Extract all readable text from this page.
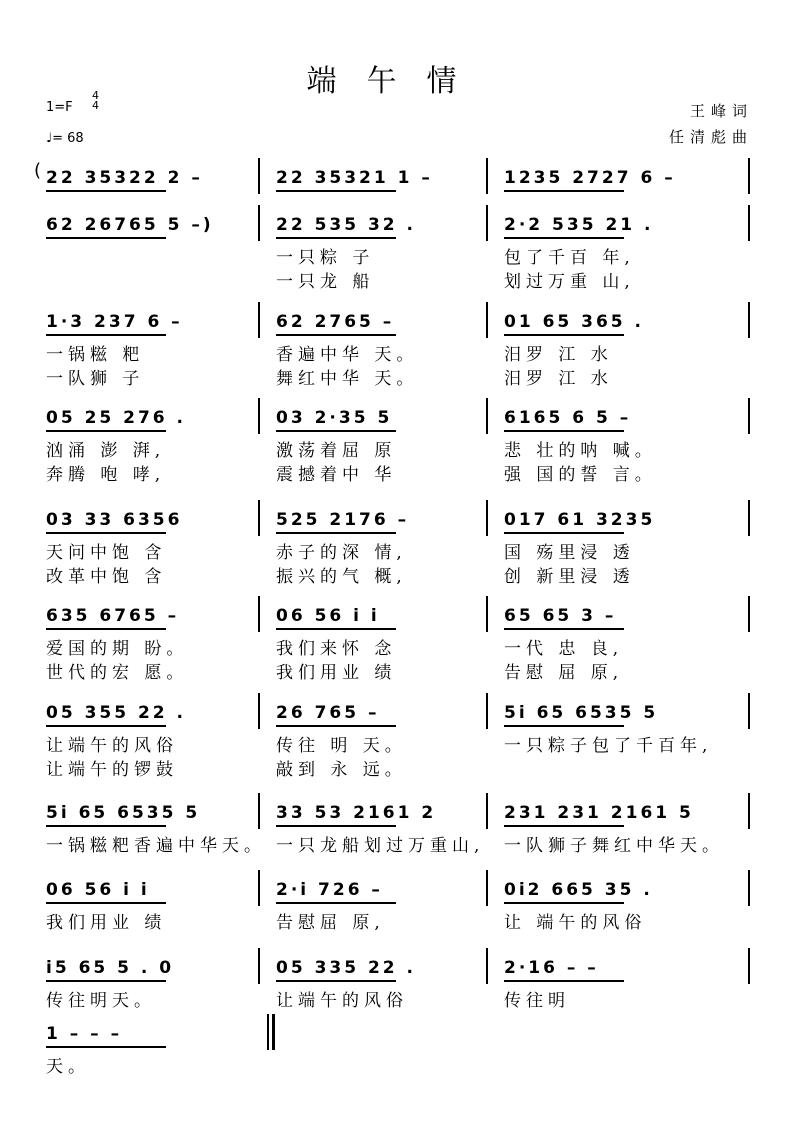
端午情
1=F
4
4
♩= 68
王峰词
任清彪曲
( 22 35322 2 –	22 35321 1 –	1235 2727 6 –
62 26765 5 –)	22 535 32 .
一只粽 子
一只龙 船
2·2 535 21 .
包了千百 年,
划过万重 山,
1·3 237 6 –
一锅糍 粑
一队狮 子
62 2765 –
香遍中华 天。
舞红中华 天。
01 65 365 .
汨罗 江 水
汨罗 江 水
05 25 276 .
汹涌 澎 湃,
奔腾 咆 哮,
03 2·35 5
激荡着屈 原
震撼着中 华
6165 6 5 –
悲 壮的呐 喊。
强 国的誓 言。
03 33 6356
天问中饱 含
改革中饱 含
525 2176 –
赤子的深 情,
振兴的气 概,
017 61 3235
国 殇里浸 透
创 新里浸 透
635 6765 –
爱国的期 盼。
世代的宏 愿。
06 56 i i
我们来怀 念
我们用业 绩
65 65 3 –
一代 忠 良,
告慰 屈 原,
05 355 22 .
让端午的风俗
让端午的锣鼓
26 765 –
传往 明 天。
敲到 永 远。
5i 65 6535 5
一只粽子包了千百年,
5i 65 6535 5
一锅糍粑香遍中华天。
33 53 2161 2
一只龙船划过万重山,
231 231 2161 5
一队狮子舞红中华天。
06 56 i i
我们用业 绩
2·i 726 –
告慰屈 原,
0i2 665 35 .
让 端午的风俗
i5 65 5 . 0
传往明天。
05 335 22 .
让端午的风俗
2·16 – –
传往明
1 – – –
天。
